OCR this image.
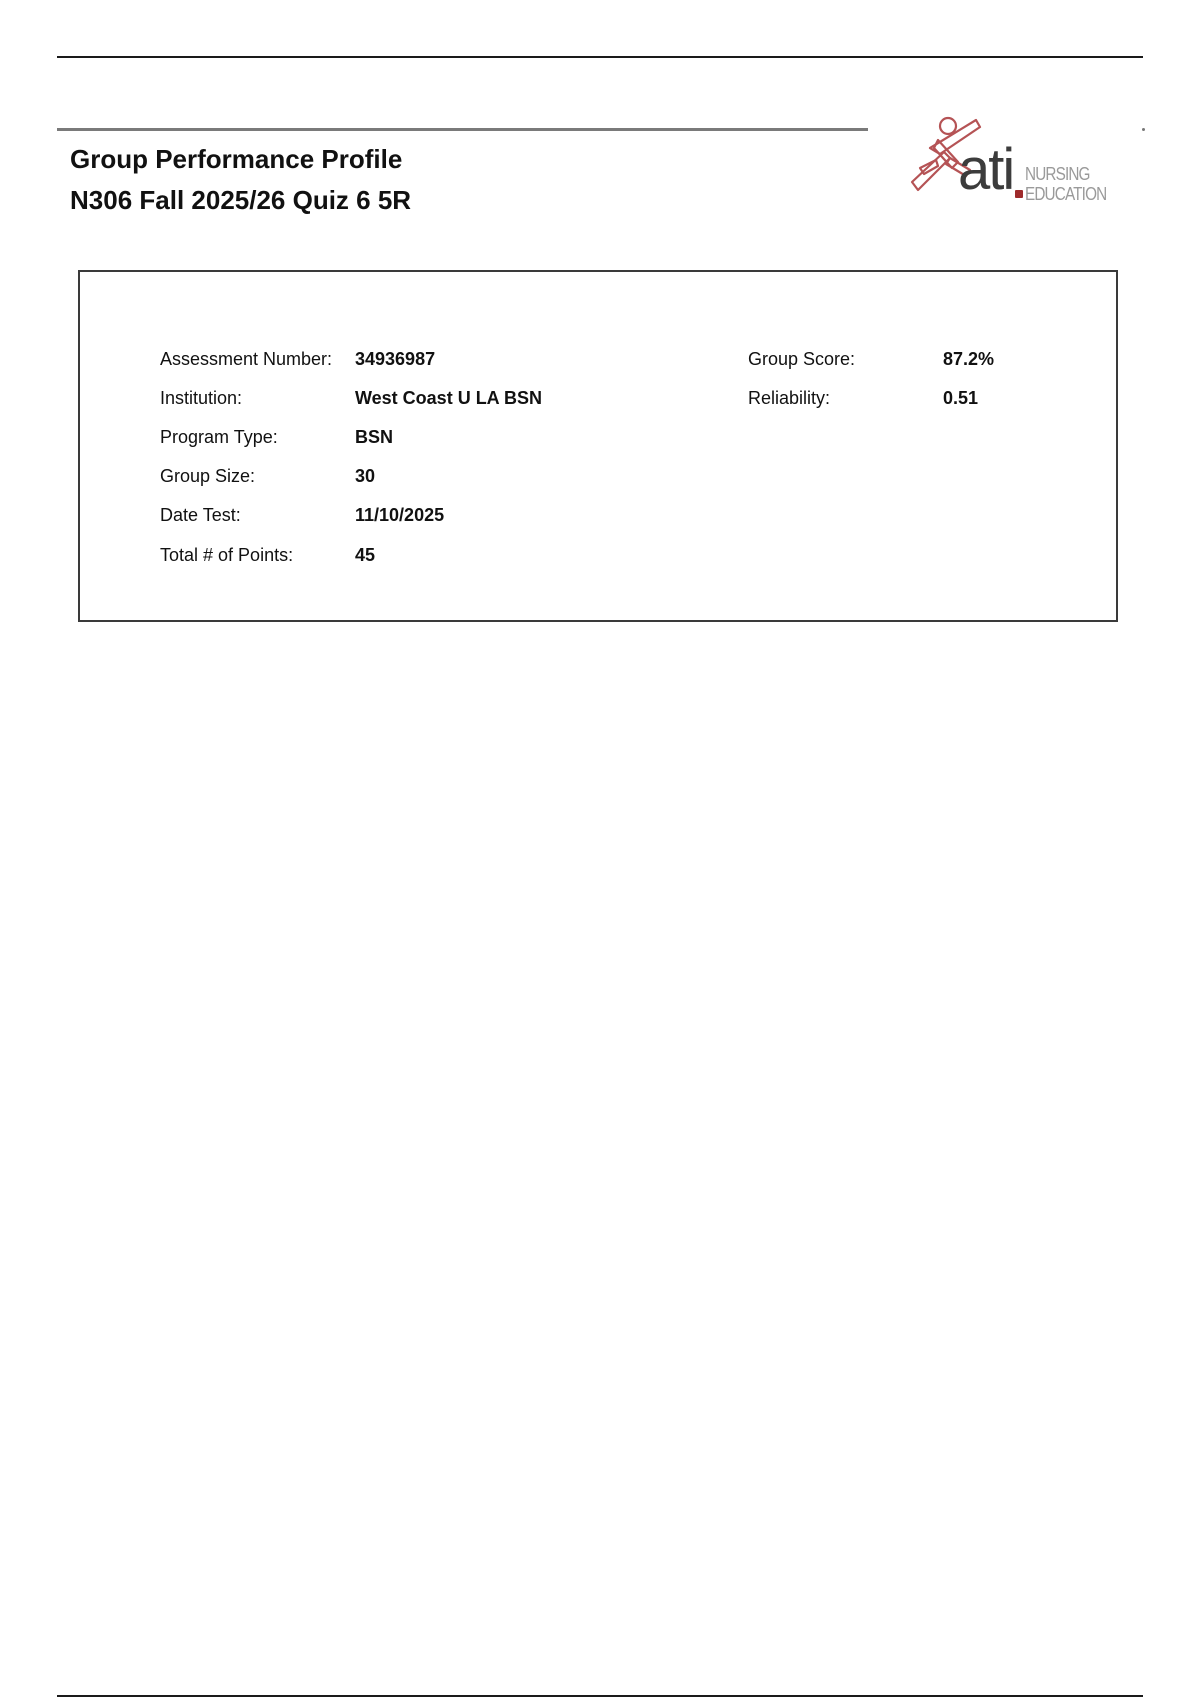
Group Performance Profile
N306 Fall 2025/26 Quiz 6 5R	ati NURSING
EDUCATION
Assessment Number: 34936987
Institution:	West Coast U LA BSN
Program Type:	BSN
Group Size:	30
Date Test:	11/10/2025
Total # of Points:	45
Group Score:	87.2%
Reliability:	0.51
